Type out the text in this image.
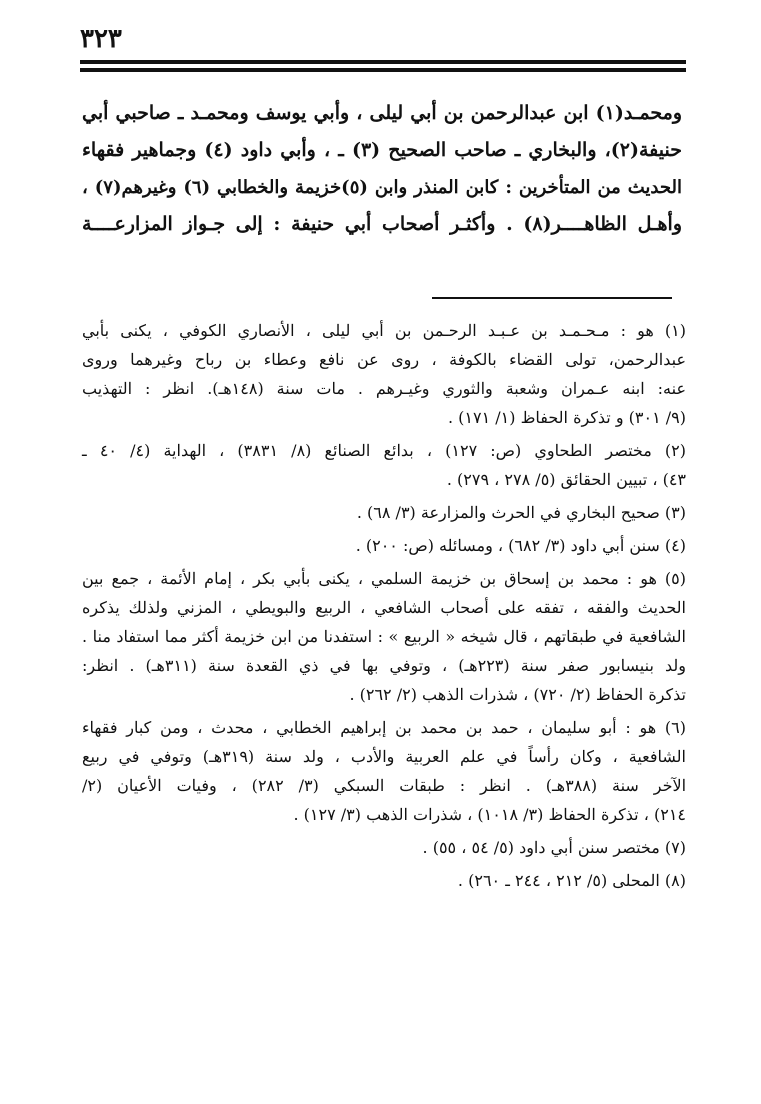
٣٢٣

ومحمـد(١) ابن عبدالرحمن بن أبي ليلى ، وأبي يوسف ومحمـد ـ صاحبي أبي

حنيفة(٢)، والبخاري ـ صاحب الصحيح (٣) ـ ، وأبي داود (٤) وجماهير فقهاء

الحديث من المتأخرين : كابن المنذر وابن (٥)خزيمة والخطابي (٦) وغيرهم(٧) ،

وأهـل الظاهــــر(٨) . وأكثـر أصحاب أبي حنيفة : إلى جـواز المزارعــــة

(١) هو : مـحـمـد بن عـبـد الرحـمن بن أبي ليلى ، الأنصاري الكوفي ، يكنى بأبي
عبدالرحمن، تولى القضاء بالكوفة ، روى عن نافع وعطاء بن رباح وغيرهما وروى
عنه: ابنه عـمران وشعبة والثوري وغيـرهم . مات سنة (١٤٨هـ). انظر : التهذيب
(٩/ ٣٠١) و تذكرة الحفاظ (١/ ١٧١) .
(٢) مختصر الطحاوي (ص: ١٢٧) ، بدائع الصنائع (٨/ ٣٨٣١) ، الهداية (٤/ ٤٠ ـ
٤٣) ، تبيين الحقائق (٥/ ٢٧٨ ، ٢٧٩) .
(٣) صحيح البخاري في الحرث والمزارعة (٣/ ٦٨) .
(٤) سنن أبي داود (٣/ ٦٨٢) ، ومسائله (ص: ٢٠٠) .
(٥) هو : محمد بن إسحاق بن خزيمة السلمي ، يكنى بأبي بكر ، إمام الأئمة ، جمع بين
الحديث والفقه ، تفقه على أصحاب الشافعي ، الربيع والبويطي ، المزني ولذلك يذكره
الشافعية في طبقاتهم ، قال شيخه « الربيع » : استفدنا من ابن خزيمة أكثر مما استفاد منا .
ولد بنيسابور صفر سنة (٢٢٣هـ) ، وتوفي بها في ذي القعدة سنة (٣١١هـ) . انظر:
تذكرة الحفاظ (٢/ ٧٢٠) ، شذرات الذهب (٢/ ٢٦٢) .
(٦) هو : أبو سليمان ، حمد بن محمد بن إبراهيم الخطابي ، محدث ، ومن كبار فقهاء
الشافعية ، وكان رأساً في علم العربية والأدب ، ولد سنة (٣١٩هـ) وتوفي في ربيع
الآخر سنة (٣٨٨هـ) . انظر : طبقات السبكي (٣/ ٢٨٢) ، وفيات الأعيان (٢/
٢١٤) ، تذكرة الحفاظ (٣/ ١٠١٨) ، شذرات الذهب (٣/ ١٢٧) .
(٧) مختصر سنن أبي داود (٥/ ٥٤ ، ٥٥) .
(٨) المحلى (٥/ ٢١٢ ، ٢٤٤ ـ ٢٦٠) .
